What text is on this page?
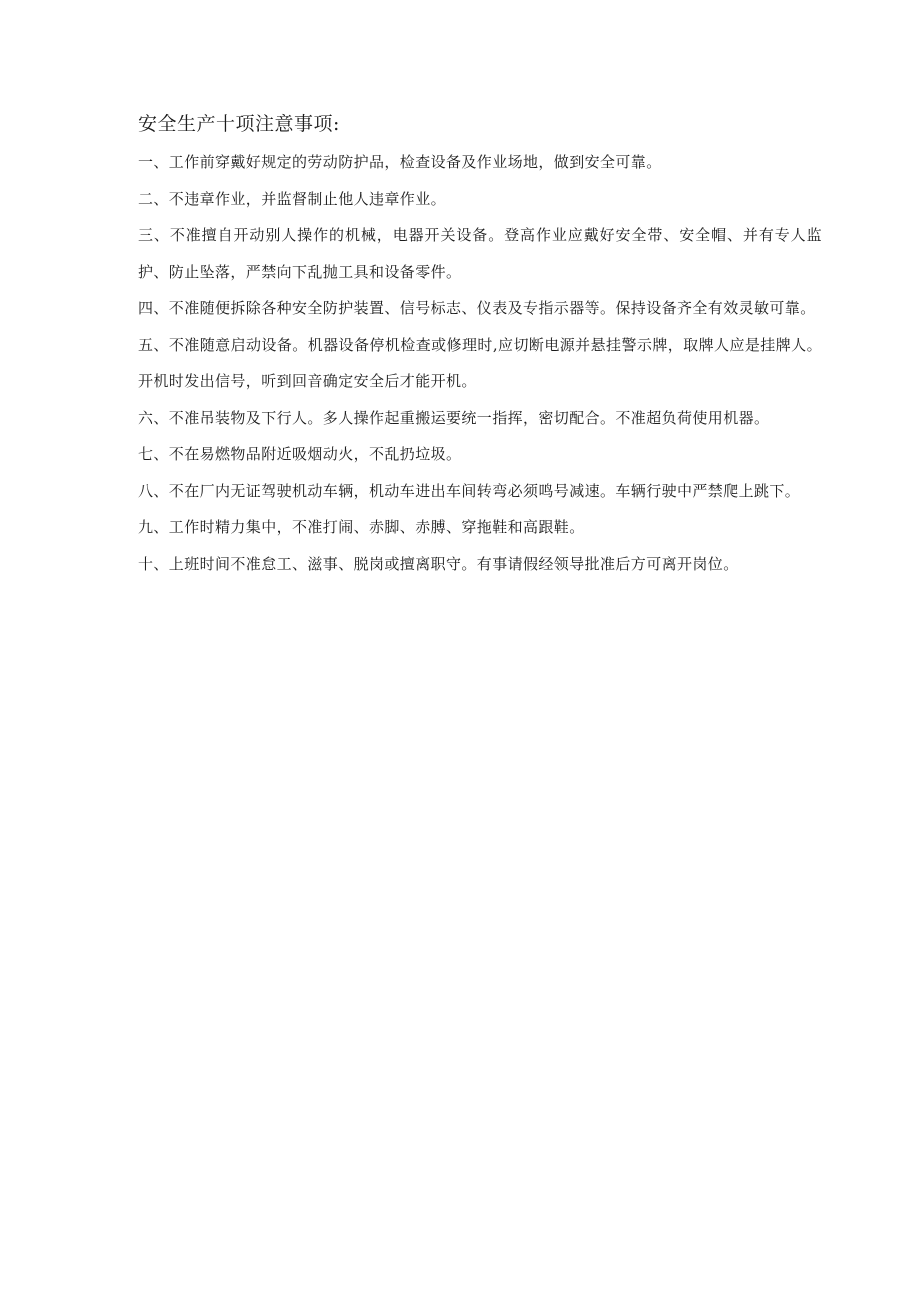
安全生产十项注意事项:
一、工作前穿戴好规定的劳动防护品，检查设备及作业场地，做到安全可靠。
二、不违章作业，并监督制止他人违章作业。
三、不准擅自开动别人操作的机械，电器开关设备。登高作业应戴好安全带、安全帽、并有专人监护、防止坠落，严禁向下乱抛工具和设备零件。
四、不准随便拆除各种安全防护装置、信号标志、仪表及专指示器等。保持设备齐全有效灵敏可靠。
五、不准随意启动设备。机器设备停机检查或修理时,应切断电源并悬挂警示牌，取牌人应是挂牌人。开机时发出信号，听到回音确定安全后才能开机。
六、不准吊装物及下行人。多人操作起重搬运要统一指挥，密切配合。不准超负荷使用机器。
七、不在易燃物品附近吸烟动火，不乱扔垃圾。
八、不在厂内无证驾驶机动车辆，机动车进出车间转弯必须鸣号减速。车辆行驶中严禁爬上跳下。
九、工作时精力集中，不准打闹、赤脚、赤膊、穿拖鞋和高跟鞋。
十、上班时间不准怠工、滋事、脱岗或擅离职守。有事请假经领导批准后方可离开岗位。
